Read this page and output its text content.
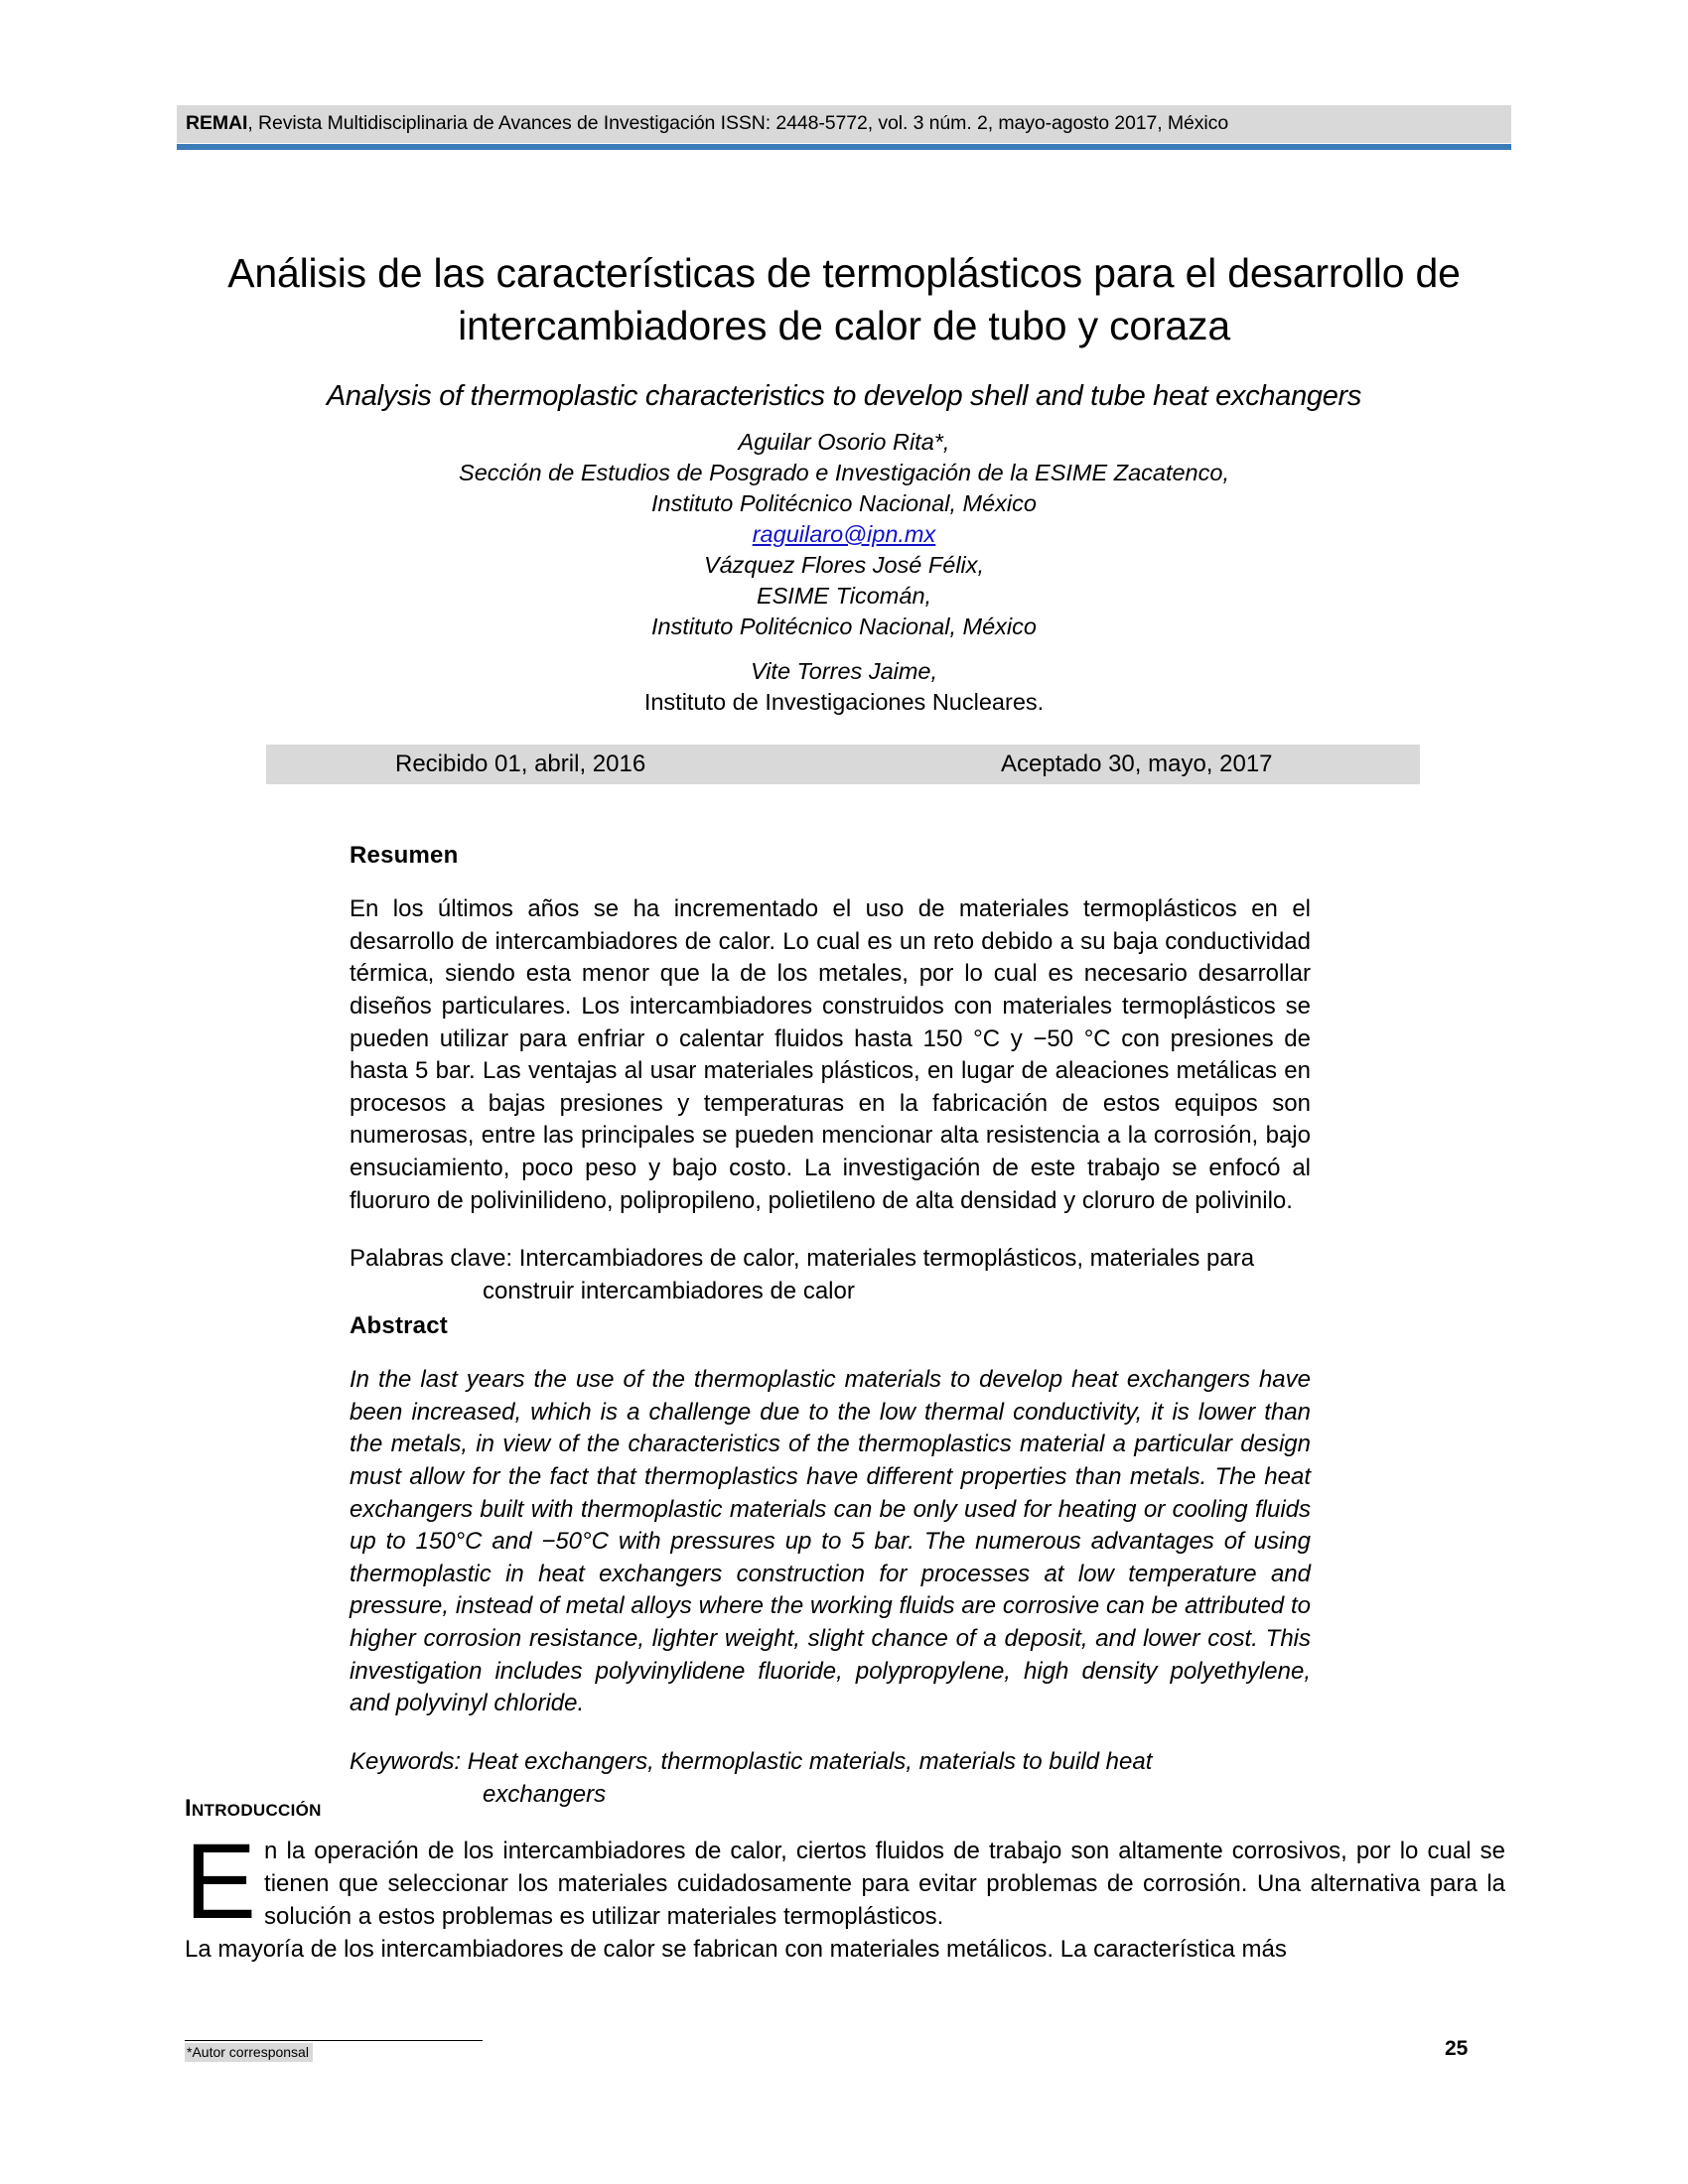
REMAI, Revista Multidisciplinaria de Avances de Investigación ISSN: 2448-5772, vol. 3 núm. 2, mayo-agosto 2017, México
Análisis de las características de termoplásticos para el desarrollo de intercambiadores de calor de tubo y coraza
Analysis of thermoplastic characteristics to develop shell and tube heat exchangers
Aguilar Osorio Rita*,
Sección de Estudios de Posgrado e Investigación de la ESIME Zacatenco,
Instituto Politécnico Nacional, México
raguilaro@ipn.mx
Vázquez Flores José Félix,
ESIME Ticomán,
Instituto Politécnico Nacional, México
Vite Torres Jaime,
Instituto de Investigaciones Nucleares.
Recibido 01, abril, 2016	Aceptado 30, mayo, 2017
Resumen
En los últimos años se ha incrementado el uso de materiales termoplásticos en el desarrollo de intercambiadores de calor. Lo cual es un reto debido a su baja conductividad térmica, siendo esta menor que la de los metales, por lo cual es necesario desarrollar diseños particulares. Los intercambiadores construidos con materiales termoplásticos se pueden utilizar para enfriar o calentar fluidos hasta 150 °C y −50 °C con presiones de hasta 5 bar. Las ventajas al usar materiales plásticos, en lugar de aleaciones metálicas en procesos a bajas presiones y temperaturas en la fabricación de estos equipos son numerosas, entre las principales se pueden mencionar alta resistencia a la corrosión, bajo ensuciamiento, poco peso y bajo costo. La investigación de este trabajo se enfocó al fluoruro de polivinilideno, polipropileno, polietileno de alta densidad y cloruro de polivinilo.
Palabras clave: Intercambiadores de calor, materiales termoplásticos, materiales para
construir intercambiadores de calor
Abstract
In the last years the use of the thermoplastic materials to develop heat exchangers have been increased, which is a challenge due to the low thermal conductivity, it is lower than the metals, in view of the characteristics of the thermoplastics material a particular design must allow for the fact that thermoplastics have different properties than metals. The heat exchangers built with thermoplastic materials can be only used for heating or cooling fluids up to 150°C and −50°C with pressures up to 5 bar. The numerous advantages of using thermoplastic in heat exchangers construction for processes at low temperature and pressure, instead of metal alloys where the working fluids are corrosive can be attributed to higher corrosion resistance, lighter weight, slight chance of a deposit, and lower cost. This investigation includes polyvinylidene fluoride, polypropylene, high density polyethylene, and polyvinyl chloride.
Keywords: Heat exchangers, thermoplastic materials, materials to build heat
exchangers
Introducción
En la operación de los intercambiadores de calor, ciertos fluidos de trabajo son altamente corrosivos, por lo cual se tienen que seleccionar los materiales cuidadosamente para evitar problemas de corrosión. Una alternativa para la solución a estos problemas es utilizar materiales termoplásticos.
La mayoría de los intercambiadores de calor se fabrican con materiales metálicos. La característica más
*Autor corresponsal	25
